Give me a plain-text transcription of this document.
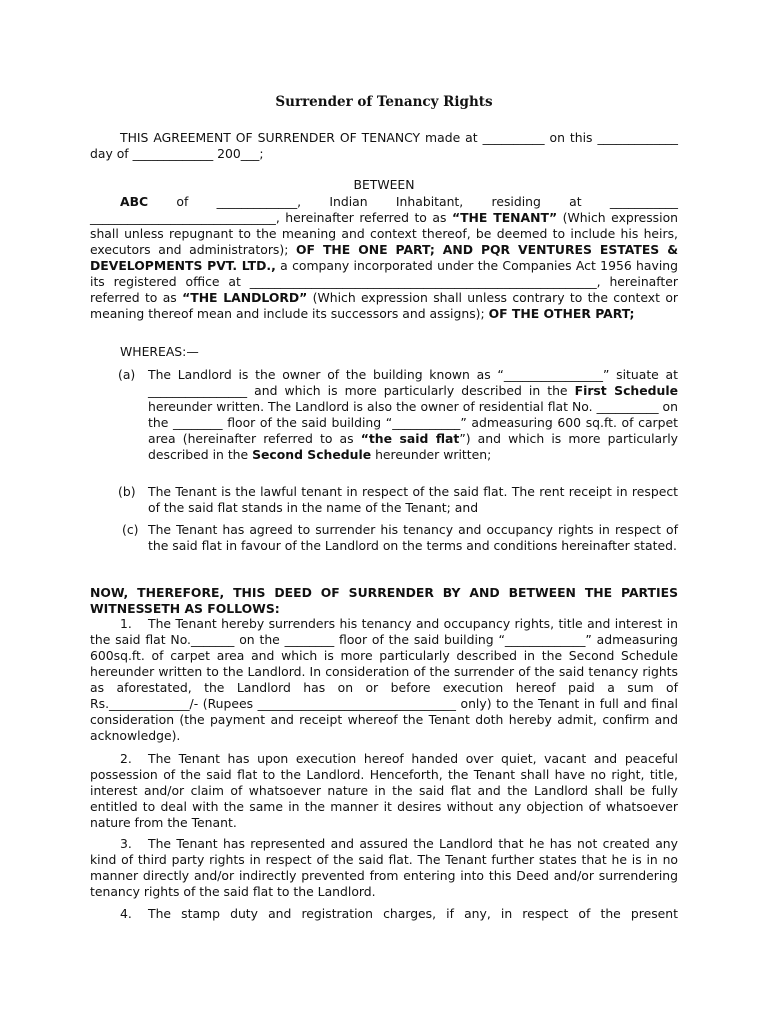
Surrender of Tenancy Rights
THIS AGREEMENT OF SURRENDER OF TENANCY made at __________ on this _____________ day of _____________ 200___;
BETWEEN
ABC of _____________, Indian Inhabitant, residing at ___________ ______________________________, hereinafter referred to as “THE TENANT” (Which expression shall unless repugnant to the meaning and context thereof, be deemed to include his heirs, executors and administrators); OF THE ONE PART; AND PQR VENTURES ESTATES & DEVELOPMENTS PVT. LTD., a company incorporated under the Companies Act 1956 having its registered office at ________________________________________________________, hereinafter referred to as “THE LANDLORD” (Which expression shall unless contrary to the context or meaning thereof mean and include its successors and assigns); OF THE OTHER PART;
WHEREAS:—
(a) The Landlord is the owner of the building known as “________________” situate at ________________ and which is more particularly described in the First Schedule hereunder written. The Landlord is also the owner of residential flat No. __________ on the ________ floor of the said building “___________” admeasuring 600 sq.ft. of carpet area (hereinafter referred to as “the said flat”) and which is more particularly described in the Second Schedule hereunder written;
(b) The Tenant is the lawful tenant in respect of the said flat. The rent receipt in respect of the said flat stands in the name of the Tenant; and
(c) The Tenant has agreed to surrender his tenancy and occupancy rights in respect of the said flat in favour of the Landlord on the terms and conditions hereinafter stated.
NOW, THEREFORE, THIS DEED OF SURRENDER BY AND BETWEEN THE PARTIES WITNESSETH AS FOLLOWS:
1. The Tenant hereby surrenders his tenancy and occupancy rights, title and interest in the said flat No._______ on the ________ floor of the said building “_____________” admeasuring 600sq.ft. of carpet area and which is more particularly described in the Second Schedule hereunder written to the Landlord. In consideration of the surrender of the said tenancy rights as aforestated, the Landlord has on or before execution hereof paid a sum of Rs._____________/- (Rupees ________________________________ only) to the Tenant in full and final consideration (the payment and receipt whereof the Tenant doth hereby admit, confirm and acknowledge).
2. The Tenant has upon execution hereof handed over quiet, vacant and peaceful possession of the said flat to the Landlord. Henceforth, the Tenant shall have no right, title, interest and/or claim of whatsoever nature in the said flat and the Landlord shall be fully entitled to deal with the same in the manner it desires without any objection of whatsoever nature from the Tenant.
3. The Tenant has represented and assured the Landlord that he has not created any kind of third party rights in respect of the said flat. The Tenant further states that he is in no manner directly and/or indirectly prevented from entering into this Deed and/or surrendering tenancy rights of the said flat to the Landlord.
4. The stamp duty and registration charges, if any, in respect of the present
